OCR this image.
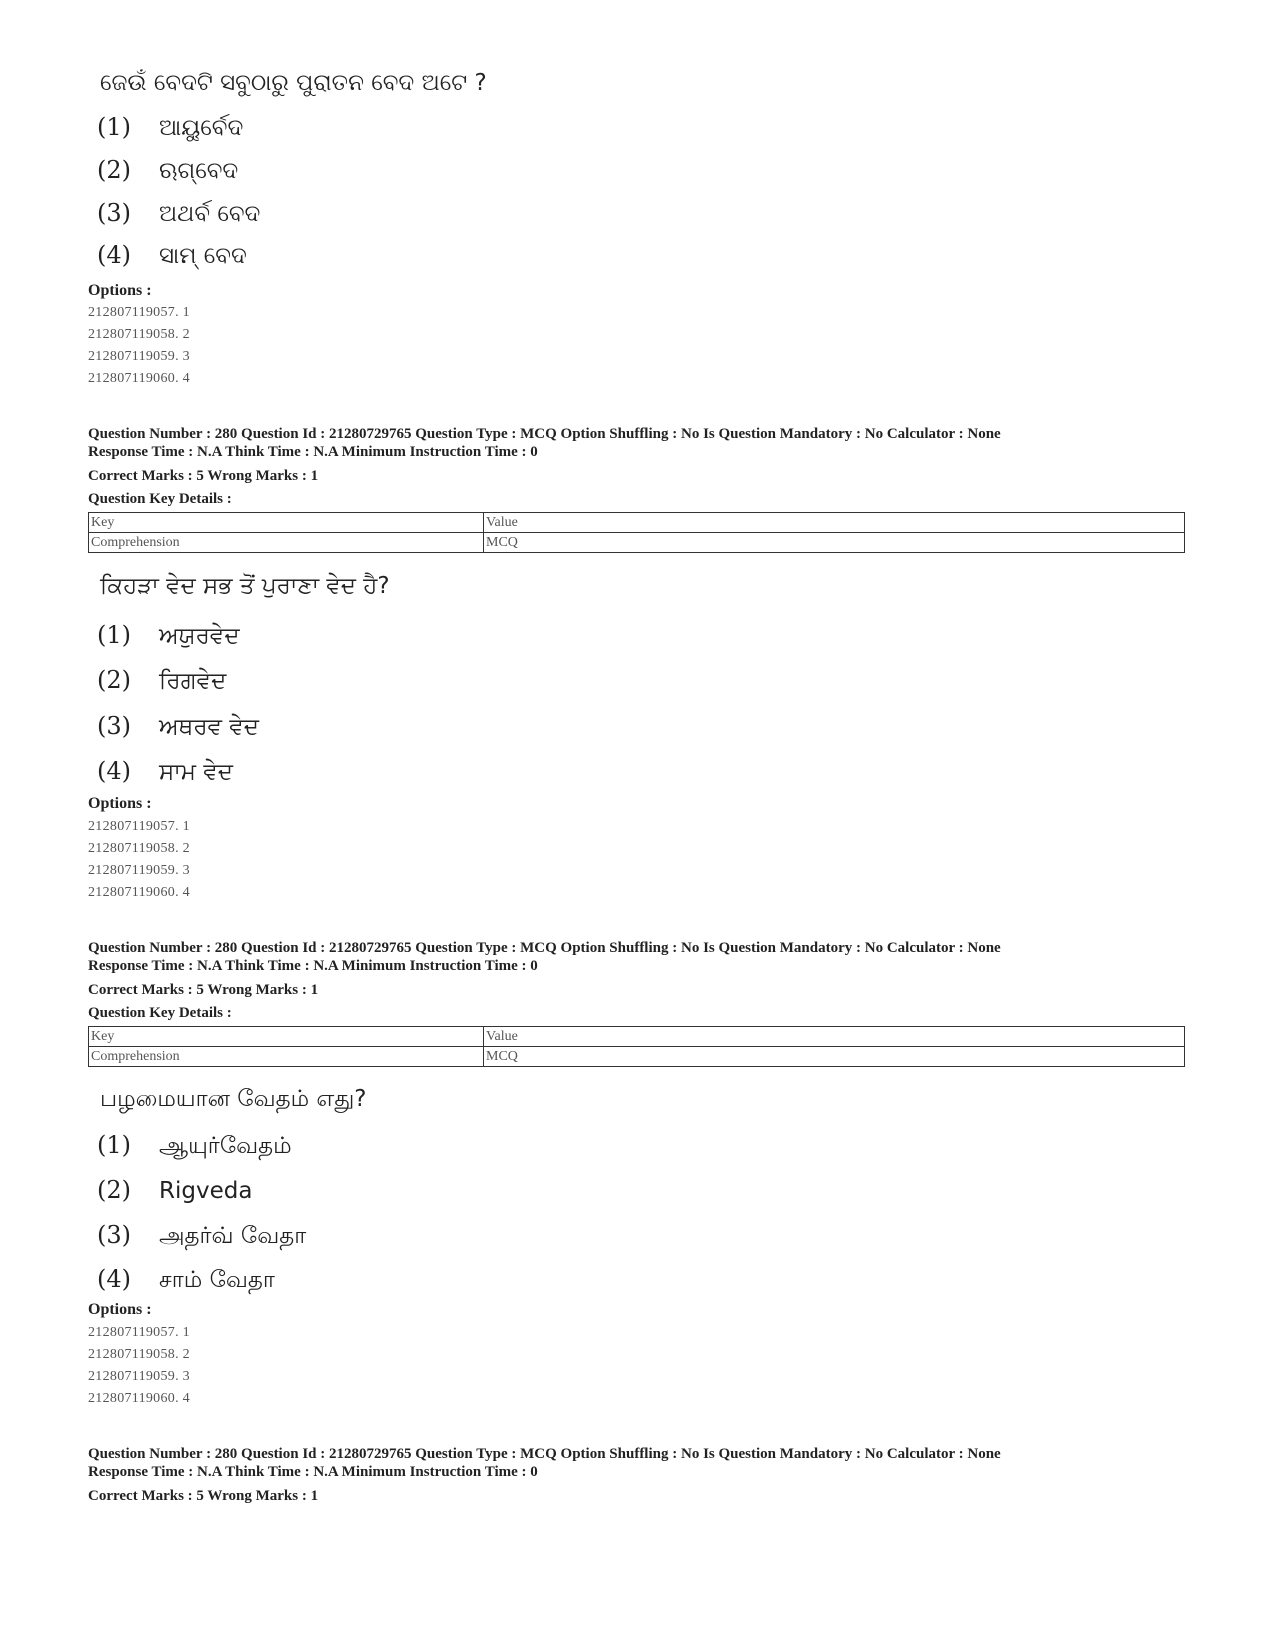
ଜେଉଁ ବେଦଟି ସବୁଠାରୁ ପୁରାତନ ବେଦ ଅଟେ ?
(1) ଆୟୁର୍ବେଦ
(2) ଋଗ୍ବେଦ
(3) ଅଥର୍ବ ବେଦ
(4) ସାମ୍ ବେଦ
Options :
212807119057. 1
212807119058. 2
212807119059. 3
212807119060. 4
Question Number : 280 Question Id : 21280729765 Question Type : MCQ Option Shuffling : No Is Question Mandatory : No Calculator : None
Response Time : N.A Think Time : N.A Minimum Instruction Time : 0
Correct Marks : 5 Wrong Marks : 1
Question Key Details :
Key	Value
Comprehension	MCQ
ਕਿਹੜਾ ਵੇਦ ਸਭ ਤੋਂ ਪੁਰਾਣਾ ਵੇਦ ਹੈ?
(1) ਅਯੁਰਵੇਦ
(2) ਰਿਗਵੇਦ
(3) ਅਥਰਵ ਵੇਦ
(4) ਸਾਮ ਵੇਦ
Options :
212807119057. 1
212807119058. 2
212807119059. 3
212807119060. 4
Question Number : 280 Question Id : 21280729765 Question Type : MCQ Option Shuffling : No Is Question Mandatory : No Calculator : None
Response Time : N.A Think Time : N.A Minimum Instruction Time : 0
Correct Marks : 5 Wrong Marks : 1
Question Key Details :
Key	Value
Comprehension	MCQ
பழமையான வேதம் எது?
(1) ஆயுர்வேதம்
(2) Rigveda
(3) அதர்வ் வேதா
(4) சாம் வேதா
Options :
212807119057. 1
212807119058. 2
212807119059. 3
212807119060. 4
Question Number : 280 Question Id : 21280729765 Question Type : MCQ Option Shuffling : No Is Question Mandatory : No Calculator : None
Response Time : N.A Think Time : N.A Minimum Instruction Time : 0
Correct Marks : 5 Wrong Marks : 1
